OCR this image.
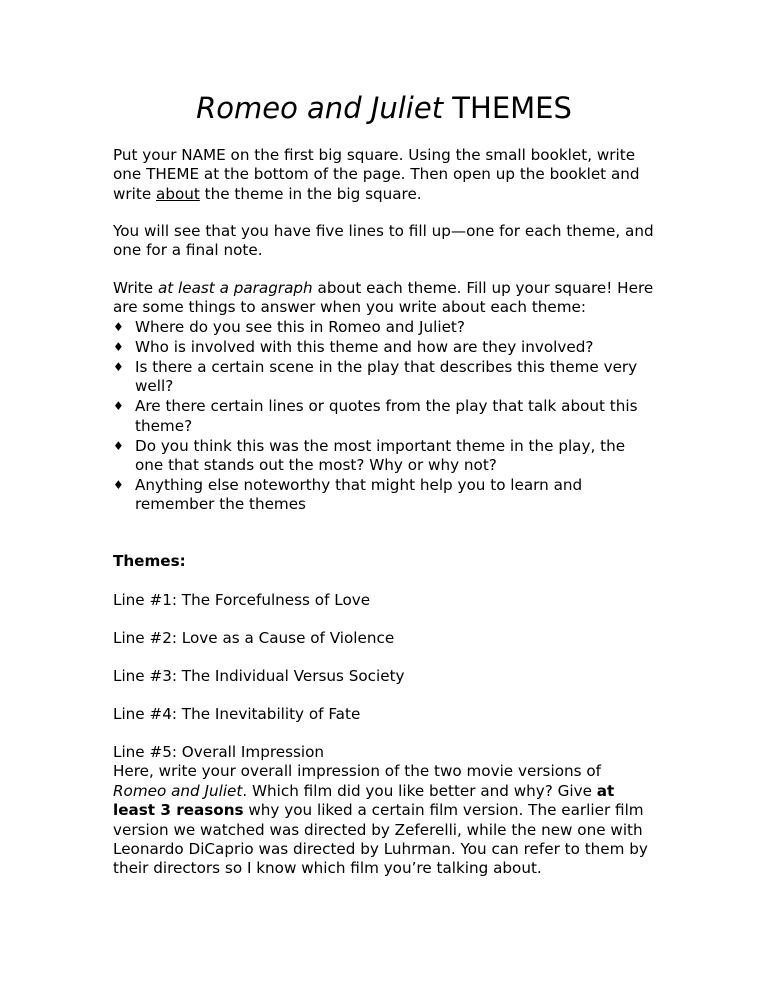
Romeo and Juliet THEMES

Put your NAME on the first big square. Using the small booklet, write one THEME at the bottom of the page. Then open up the booklet and write about the theme in the big square.

You will see that you have five lines to fill up—one for each theme, and one for a final note.

Write at least a paragraph about each theme. Fill up your square! Here are some things to answer when you write about each theme:

♦ Where do you see this in Romeo and Juliet?
♦ Who is involved with this theme and how are they involved?
♦ Is there a certain scene in the play that describes this theme very well?
♦ Are there certain lines or quotes from the play that talk about this theme?
♦ Do you think this was the most important theme in the play, the one that stands out the most? Why or why not?
♦ Anything else noteworthy that might help you to learn and remember the themes
Themes:
Line #1: The Forcefulness of Love
Line #2: Love as a Cause of Violence
Line #3: The Individual Versus Society
Line #4: The Inevitability of Fate
Line #5: Overall Impression
Here, write your overall impression of the two movie versions of Romeo and Juliet. Which film did you like better and why? Give at least 3 reasons why you liked a certain film version. The earlier film version we watched was directed by Zeferelli, while the new one with Leonardo DiCaprio was directed by Luhrman. You can refer to them by their directors so I know which film you’re talking about.
